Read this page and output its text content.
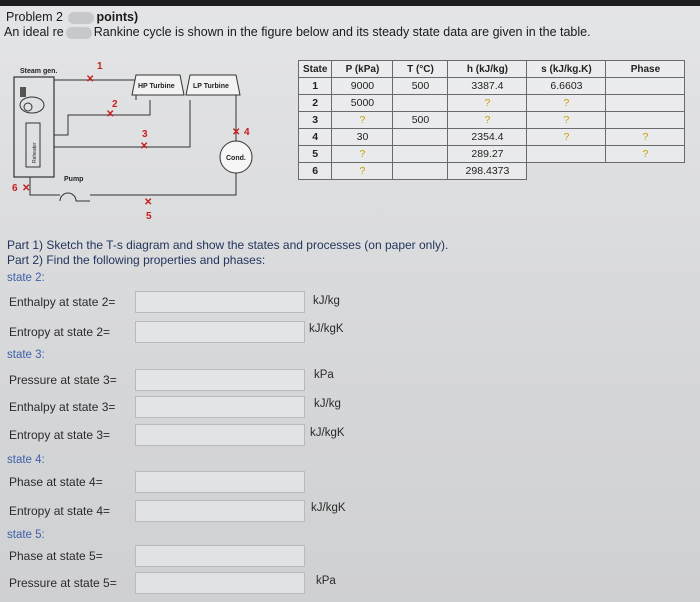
Problem 2	points)
An ideal re Rankine cycle is shown in the figure below and its steady state data are given in the table.
Steam gen.
Reheater
HP Turbine	LP Turbine
Cond.
Pump
✕
1
✕
2
✕
3	✕ 4
✕
5
✕
6
State	P (kPa)	T (°C)	h (kJ/kg)	s (kJ/kg.K)	Phase
1	9000	500	3387.4	6.6603	
2	5000		?	?	
3	?	500	?	?	
4	30		2354.4	?	?
5	?		289.27		?
6	?		298.4373		
Part 1) Sketch the T-s diagram and show the states and processes (on paper only).
Part 2) Find the following properties and phases:
state 2:
Enthalpy at state 2=	kJ/kg
Entropy at state 2=	kJ/kgK
state 3:
Pressure at state 3=	kPa
Enthalpy at state 3=	kJ/kg
Entropy at state 3=	kJ/kgK
state 4:
Phase at state 4=
Entropy at state 4=	kJ/kgK
state 5:
Phase at state 5=
Pressure at state 5=	kPa
